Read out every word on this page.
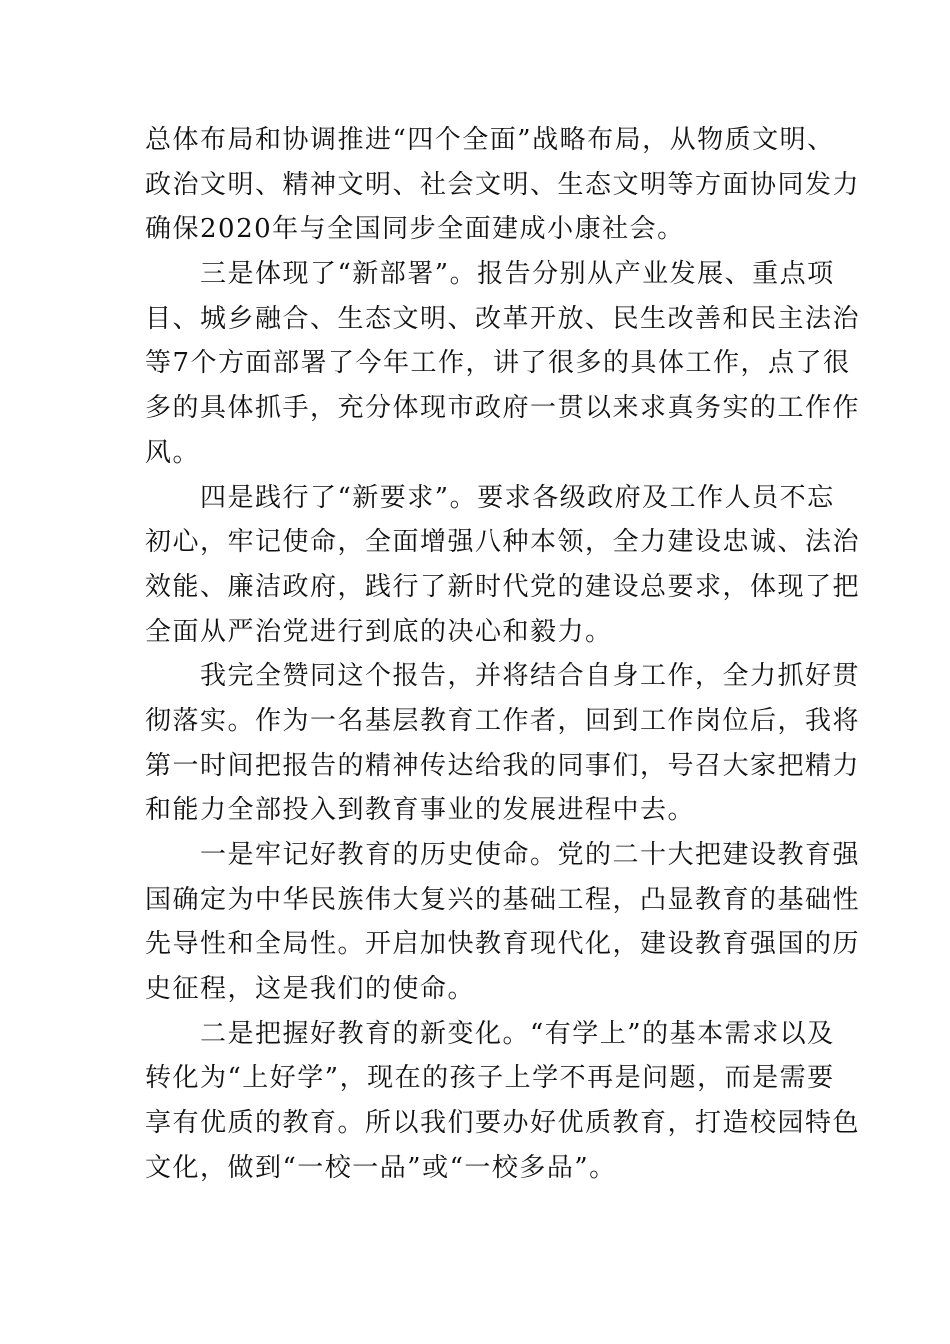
总体布局和协调推进“四个全面”战略布局，从物质文明、
政治文明、精神文明、社会文明、生态文明等方面协同发力
确保2020年与全国同步全面建成小康社会。
三是体现了“新部署”。报告分别从产业发展、重点项
目、城乡融合、生态文明、改革开放、民生改善和民主法治
等7个方面部署了今年工作，讲了很多的具体工作，点了很
多的具体抓手，充分体现市政府一贯以来求真务实的工作作
风。
四是践行了“新要求”。要求各级政府及工作人员不忘
初心，牢记使命，全面增强八种本领，全力建设忠诚、法治
效能、廉洁政府，践行了新时代党的建设总要求，体现了把
全面从严治党进行到底的决心和毅力。
我完全赞同这个报告，并将结合自身工作，全力抓好贯
彻落实。作为一名基层教育工作者，回到工作岗位后，我将
第一时间把报告的精神传达给我的同事们，号召大家把精力
和能力全部投入到教育事业的发展进程中去。
一是牢记好教育的历史使命。党的二十大把建设教育强
国确定为中华民族伟大复兴的基础工程，凸显教育的基础性
先导性和全局性。开启加快教育现代化，建设教育强国的历
史征程，这是我们的使命。
二是把握好教育的新变化。“有学上”的基本需求以及
转化为“上好学”，现在的孩子上学不再是问题，而是需要
享有优质的教育。所以我们要办好优质教育，打造校园特色
文化，做到“一校一品”或“一校多品”。
